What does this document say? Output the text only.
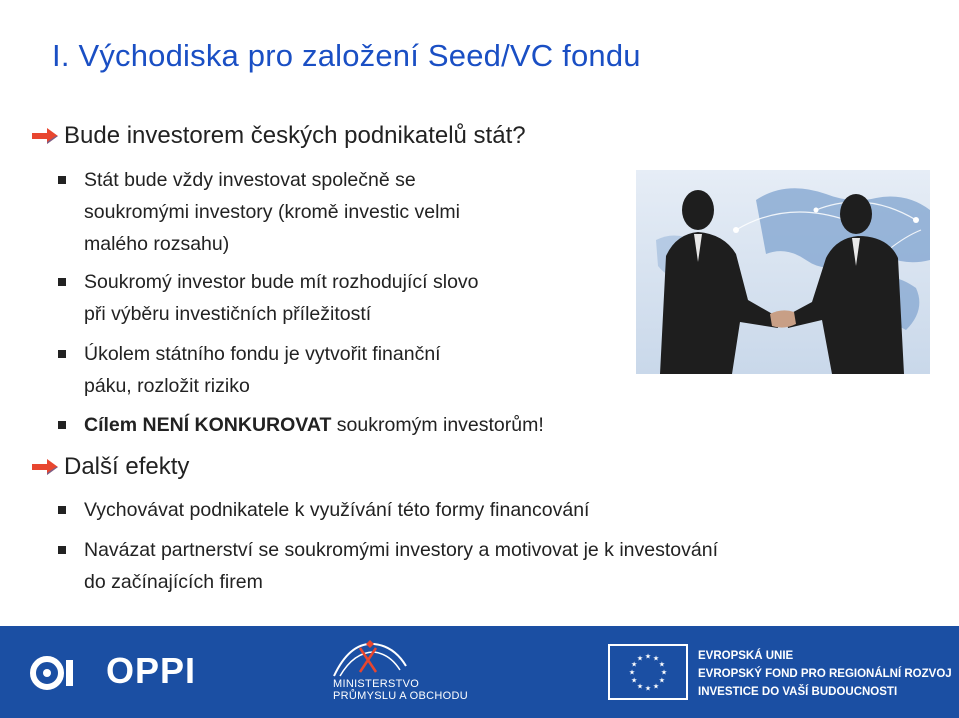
I. Východiska pro založení Seed/VC fondu
Bude investorem českých podnikatelů stát?
Stát bude vždy investovat společně se
soukromými investory (kromě investic velmi
malého rozsahu)
Soukromý investor bude mít rozhodující slovo
při výběru investičních příležitostí
Úkolem státního fondu je vytvořit finanční
páku, rozložit riziko
Cílem NENÍ KONKUROVAT soukromým investorům!
Další efekty
Vychovávat podnikatele k využívání této formy financování
Navázat partnerství se soukromými investory a motivovat je k investování
do začínajících firem
OPPI	MINISTERSTVO
PRŮMYSLU A OBCHODU
★ ★
★
★
★
★
★
★
★
★
★
★	EVROPSKÁ UNIE
EVROPSKÝ FOND PRO REGIONÁLNÍ ROZVOJ
INVESTICE DO VAŠÍ BUDOUCNOSTI
